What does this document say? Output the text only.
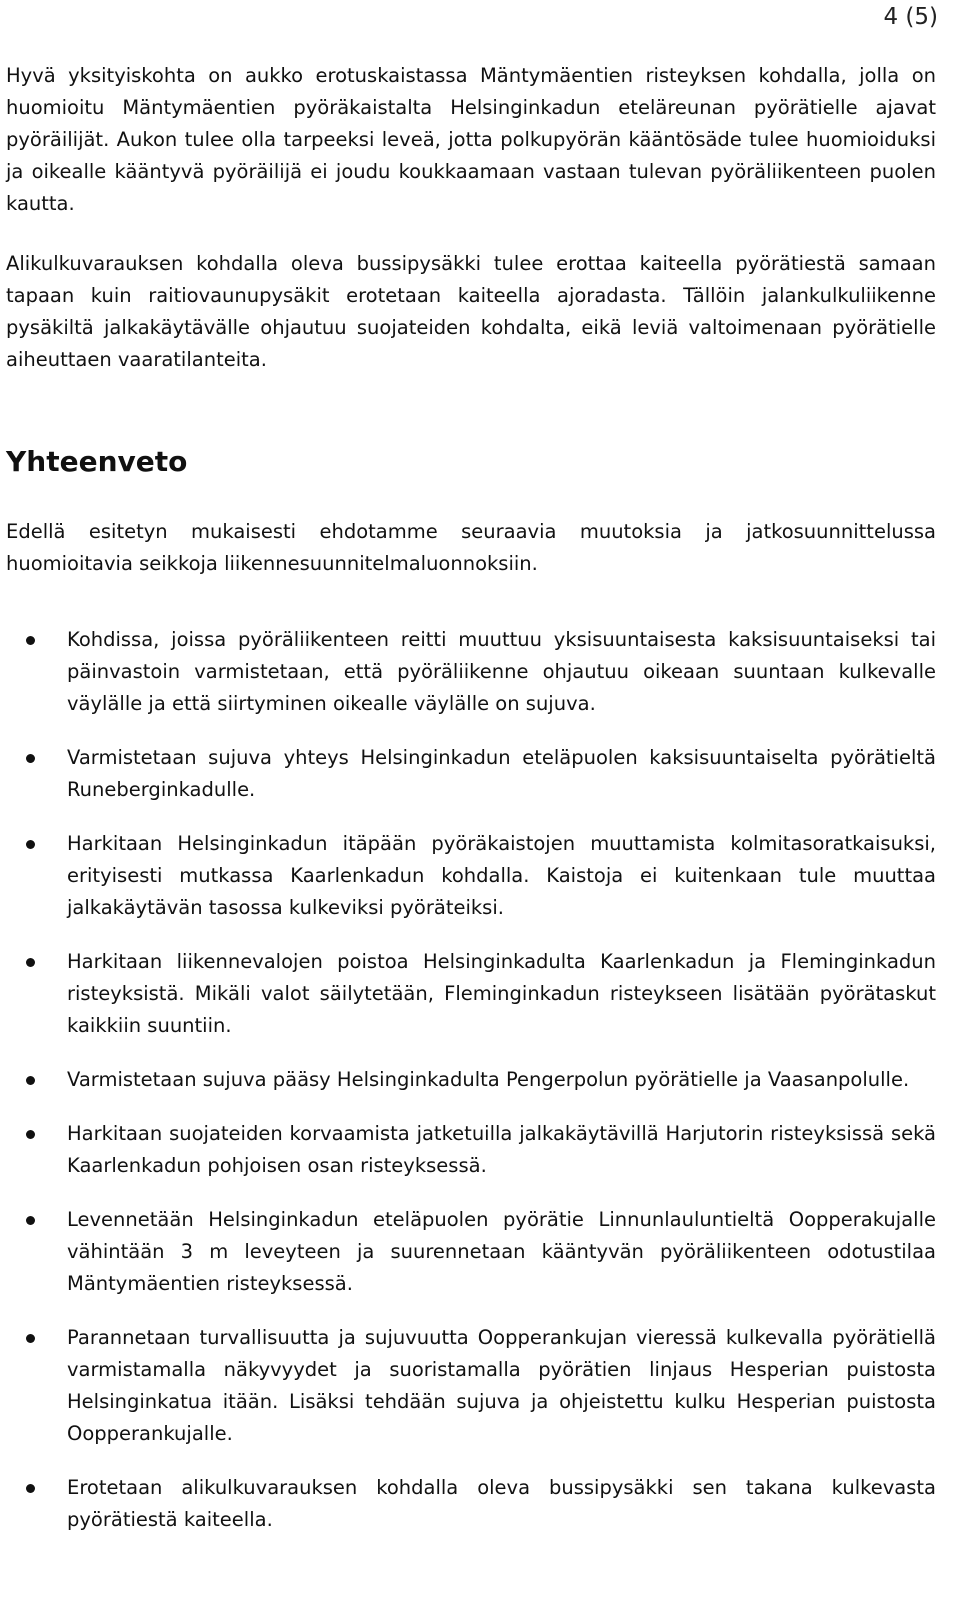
4 (5)

Hyvä yksityiskohta on aukko erotuskaistassa Mäntymäentien risteyksen kohdalla, jolla on huomioitu Mäntymäentien pyöräkaistalta Helsinginkadun eteläreunan pyörätielle ajavat pyöräilijät. Aukon tulee olla tarpeeksi leveä, jotta polkupyörän kääntösäde tulee huomioiduksi ja oikealle kääntyvä pyöräilijä ei joudu koukkaamaan vastaan tulevan pyöräliikenteen puolen kautta.

Alikulkuvarauksen kohdalla oleva bussipysäkki tulee erottaa kaiteella pyörätiestä samaan tapaan kuin raitiovaunupysäkit erotetaan kaiteella ajoradasta. Tällöin jalankulkuliikenne pysäkiltä jalkakäytävälle ohjautuu suojateiden kohdalta, eikä leviä valtoimenaan pyörätielle aiheuttaen vaaratilanteita.

Yhteenveto

Edellä esitetyn mukaisesti ehdotamme seuraavia muutoksia ja jatkosuunnittelussa huomioitavia seikkoja liikennesuunnitelmaluonnoksiin.

Kohdissa, joissa pyöräliikenteen reitti muuttuu yksisuuntaisesta kaksisuuntaiseksi tai päinvastoin varmistetaan, että pyöräliikenne ohjautuu oikeaan suuntaan kulkevalle väylälle ja että siirtyminen oikealle väylälle on sujuva.

Varmistetaan sujuva yhteys Helsinginkadun eteläpuolen kaksisuuntaiselta pyörätieltä Runeberginkadulle.

Harkitaan Helsinginkadun itäpään pyöräkaistojen muuttamista kolmitasoratkaisuksi, erityisesti mutkassa Kaarlenkadun kohdalla. Kaistoja ei kuitenkaan tule muuttaa jalkakäytävän tasossa kulkeviksi pyöräteiksi.

Harkitaan liikennevalojen poistoa Helsinginkadulta Kaarlenkadun ja Fleminginkadun risteyksistä. Mikäli valot säilytetään, Fleminginkadun risteykseen lisätään pyörätaskut kaikkiin suuntiin.

Varmistetaan sujuva pääsy Helsinginkadulta Pengerpolun pyörätielle ja Vaasanpolulle.

Harkitaan suojateiden korvaamista jatketuilla jalkakäytävillä Harjutorin risteyksissä sekä Kaarlenkadun pohjoisen osan risteyksessä.

Levennetään Helsinginkadun eteläpuolen pyörätie Linnunlauluntieltä Oopperakujalle vähintään 3 m leveyteen ja suurennetaan kääntyvän pyöräliikenteen odotustilaa Mäntymäentien risteyksessä.

Parannetaan turvallisuutta ja sujuvuutta Oopperankujan vieressä kulkevalla pyörätiellä varmistamalla näkyvyydet ja suoristamalla pyörätien linjaus Hesperian puistosta Helsinginkatua itään. Lisäksi tehdään sujuva ja ohjeistettu kulku Hesperian puistosta Oopperankujalle.

Erotetaan alikulkuvarauksen kohdalla oleva bussipysäkki sen takana kulkevasta pyörätiestä kaiteella.
